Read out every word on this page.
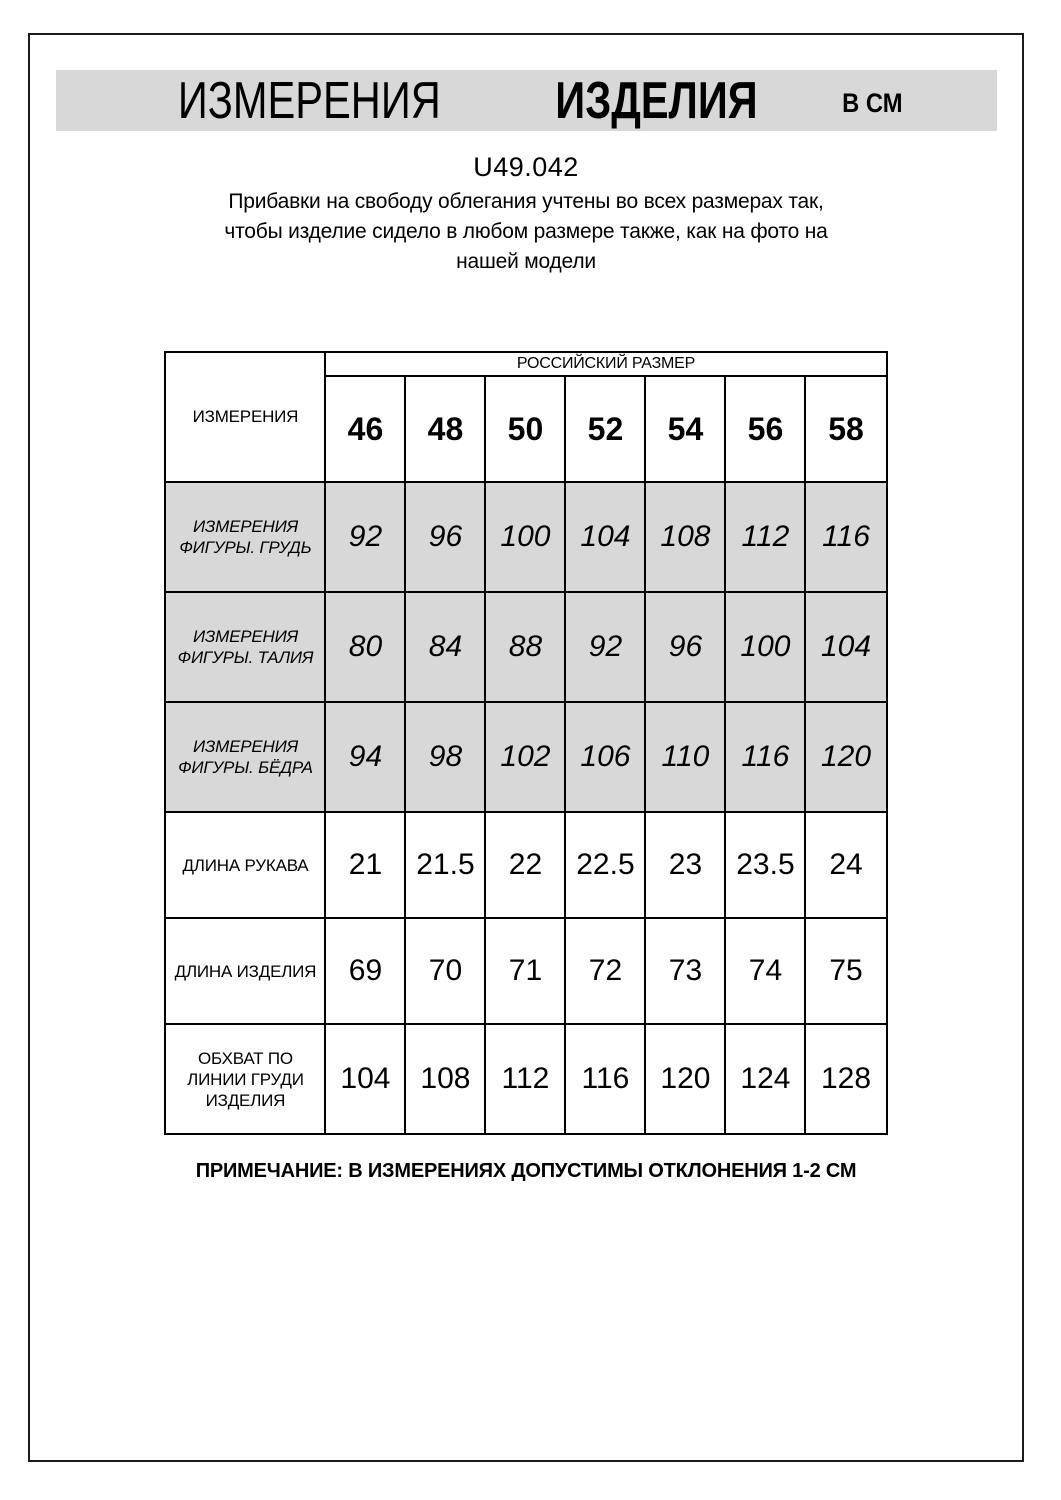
ИЗМЕРЕНИЯ ИЗДЕЛИЯ	В СМ
U49.042
Прибавки на свободу облегания учтены во всех размерах так,
чтобы изделие сидело в любом размере также, как на фото на
нашей модели
ИЗМЕРЕНИЯ	РОССИЙСКИЙ РАЗМЕР						
	46	48	50	52	54	56	58
ИЗМЕРЕНИЯ ФИГУРЫ. ГРУДЬ	92	96	100	104	108	112	116
ИЗМЕРЕНИЯ ФИГУРЫ. ТАЛИЯ	80	84	88	92	96	100	104
ИЗМЕРЕНИЯ ФИГУРЫ. БЁДРА	94	98	102	106	110	116	120
ДЛИНА РУКАВА	21	21.5	22	22.5	23	23.5	24
ДЛИНА ИЗДЕЛИЯ	69	70	71	72	73	74	75
ОБХВАТ ПО ЛИНИИ ГРУДИ ИЗДЕЛИЯ	104	108	112	116	120	124	128
ПРИМЕЧАНИЕ: В ИЗМЕРЕНИЯХ ДОПУСТИМЫ ОТКЛОНЕНИЯ 1-2 СМ
